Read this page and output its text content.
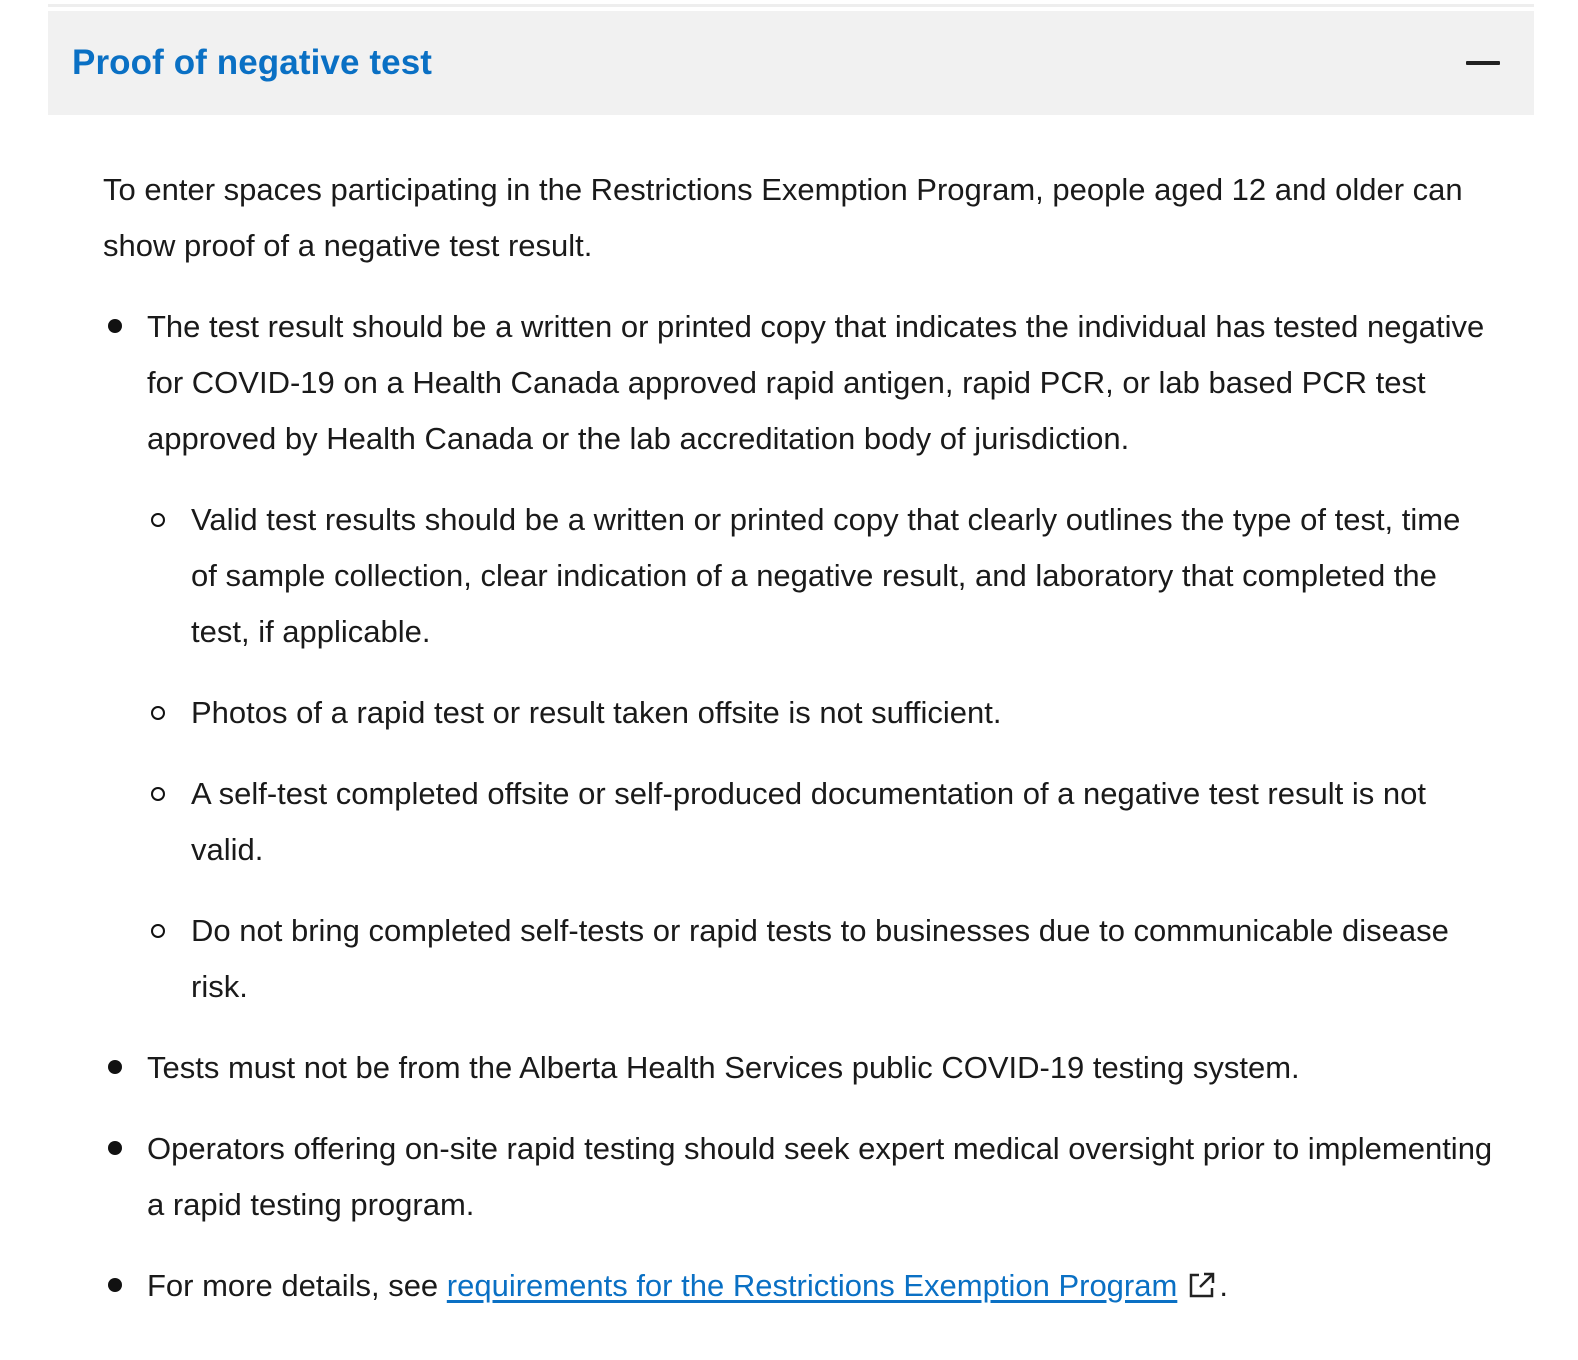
Proof of negative test

To enter spaces participating in the Restrictions Exemption Program, people aged 12 and older can show proof of a negative test result.

The test result should be a written or printed copy that indicates the individual has tested negative for COVID-19 on a Health Canada approved rapid antigen, rapid PCR, or lab based PCR test approved by Health Canada or the lab accreditation body of jurisdiction.
Valid test results should be a written or printed copy that clearly outlines the type of test, time of sample collection, clear indication of a negative result, and laboratory that completed the test, if applicable.
Photos of a rapid test or result taken offsite is not sufficient.
A self-test completed offsite or self-produced documentation of a negative test result is not valid.
Do not bring completed self-tests or rapid tests to businesses due to communicable disease risk.
Tests must not be from the Alberta Health Services public COVID-19 testing system.
Operators offering on-site rapid testing should seek expert medical oversight prior to implementing a rapid testing program.
For more details, see requirements for the Restrictions Exemption Program .
